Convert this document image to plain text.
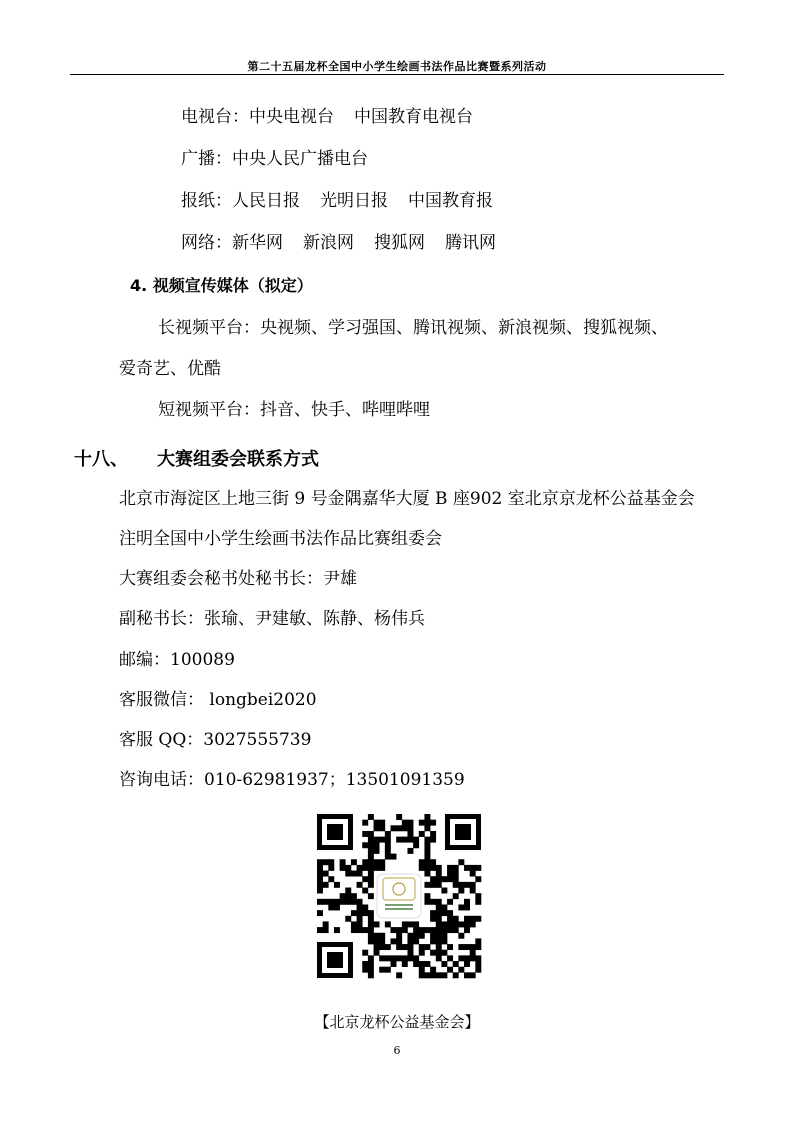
第二十五届龙杯全国中小学生绘画书法作品比赛暨系列活动
电视台：中央电视台 中国教育电视台
广播：中央人民广播电台
报纸：人民日报 光明日报 中国教育报
网络：新华网 新浪网 搜狐网 腾讯网
4. 视频宣传媒体（拟定）
长视频平台：央视频、学习强国、腾讯视频、新浪视频、搜狐视频、
爱奇艺、优酷
短视频平台：抖音、快手、哔哩哔哩
十八、 大赛组委会联系方式
北京市海淀区上地三街 9 号金隅嘉华大厦 B 座902 室北京京龙杯公益基金会
注明全国中小学生绘画书法作品比赛组委会
大赛组委会秘书处秘书长：尹雄
副秘书长：张瑜、尹建敏、陈静、杨伟兵
邮编：100089
客服微信： longbei2020
客服 QQ：3027555739
咨询电话：010-62981937；13501091359
【北京龙杯公益基金会】
6
